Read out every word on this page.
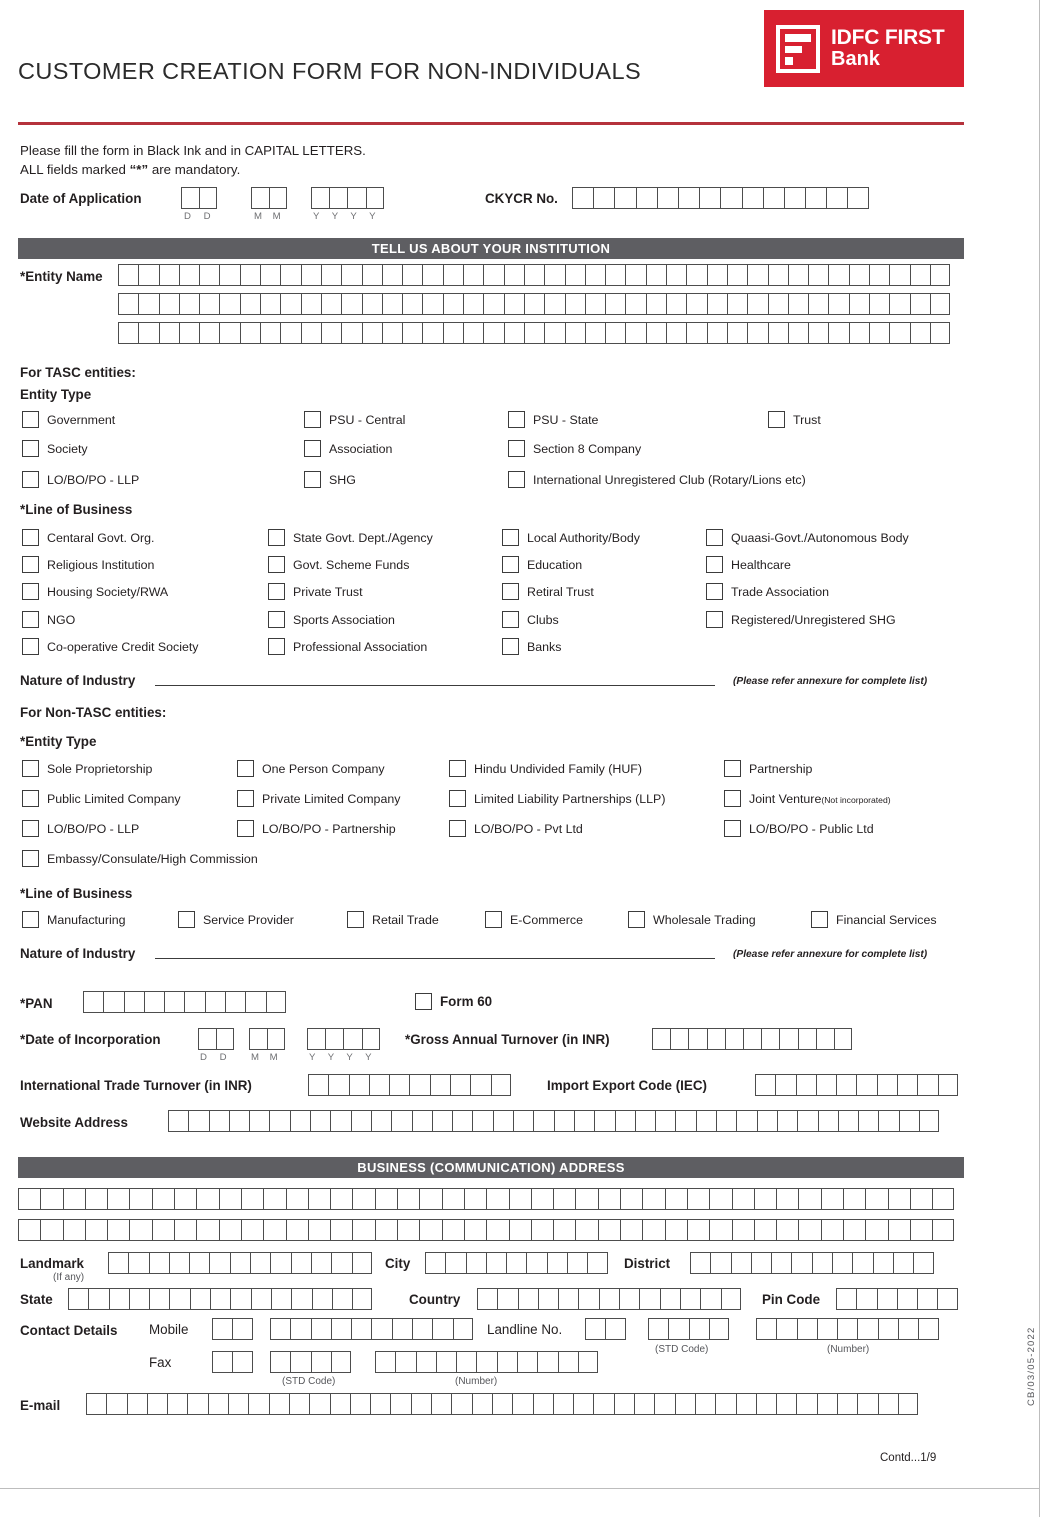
CUSTOMER CREATION FORM FOR NON-INDIVIDUALS
IDFC FIRST
Bank
Please fill the form in Black Ink and in CAPITAL LETTERS.
ALL fields marked “*” are mandatory.
Date of Application
D D	M M	Y Y Y Y
CKYCR No.
TELL US ABOUT YOUR INSTITUTION
*Entity Name
For TASC entities:
Entity Type
Government	PSU - Central	PSU - State	Trust
Society	Association	Section 8 Company
LO/BO/PO - LLP	SHG	International Unregistered Club (Rotary/Lions etc)
*Line of Business
Centaral Govt. Org.	State Govt. Dept./Agency	Local Authority/Body	Quaasi-Govt./Autonomous Body
Religious Institution	Govt. Scheme Funds	Education	Healthcare
Housing Society/RWA	Private Trust	Retiral Trust	Trade Association
NGO	Sports Association	Clubs	Registered/Unregistered SHG
Co-operative Credit Society	Professional Association	Banks
Nature of Industry	(Please refer annexure for complete list)
For Non-TASC entities:
*Entity Type
Sole Proprietorship	One Person Company	Hindu Undivided Family (HUF)	Partnership
Public Limited Company	Private Limited Company	Limited Liability Partnerships (LLP)	Joint Venture(Not incorporated)
LO/BO/PO - LLP	LO/BO/PO - Partnership	LO/BO/PO - Pvt Ltd	LO/BO/PO - Public Ltd
Embassy/Consulate/High Commission
*Line of Business
Manufacturing	Service Provider	Retail Trade	E-Commerce	Wholesale Trading	Financial Services
Nature of Industry	(Please refer annexure for complete list)
*PAN	Form 60
*Date of Incorporation
D D M M	Y Y Y Y
*Gross Annual Turnover (in INR)
International Trade Turnover (in INR)	Import Export Code (IEC)
Website Address
BUSINESS (COMMUNICATION) ADDRESS
Landmark
(If any)
City	District
State	Country	Pin Code
Contact Details Mobile	Landline No.
(STD Code)	(Number)
Fax
(STD Code)	(Number)
E-mail	CB/03/05-2022
Contd...1/9
